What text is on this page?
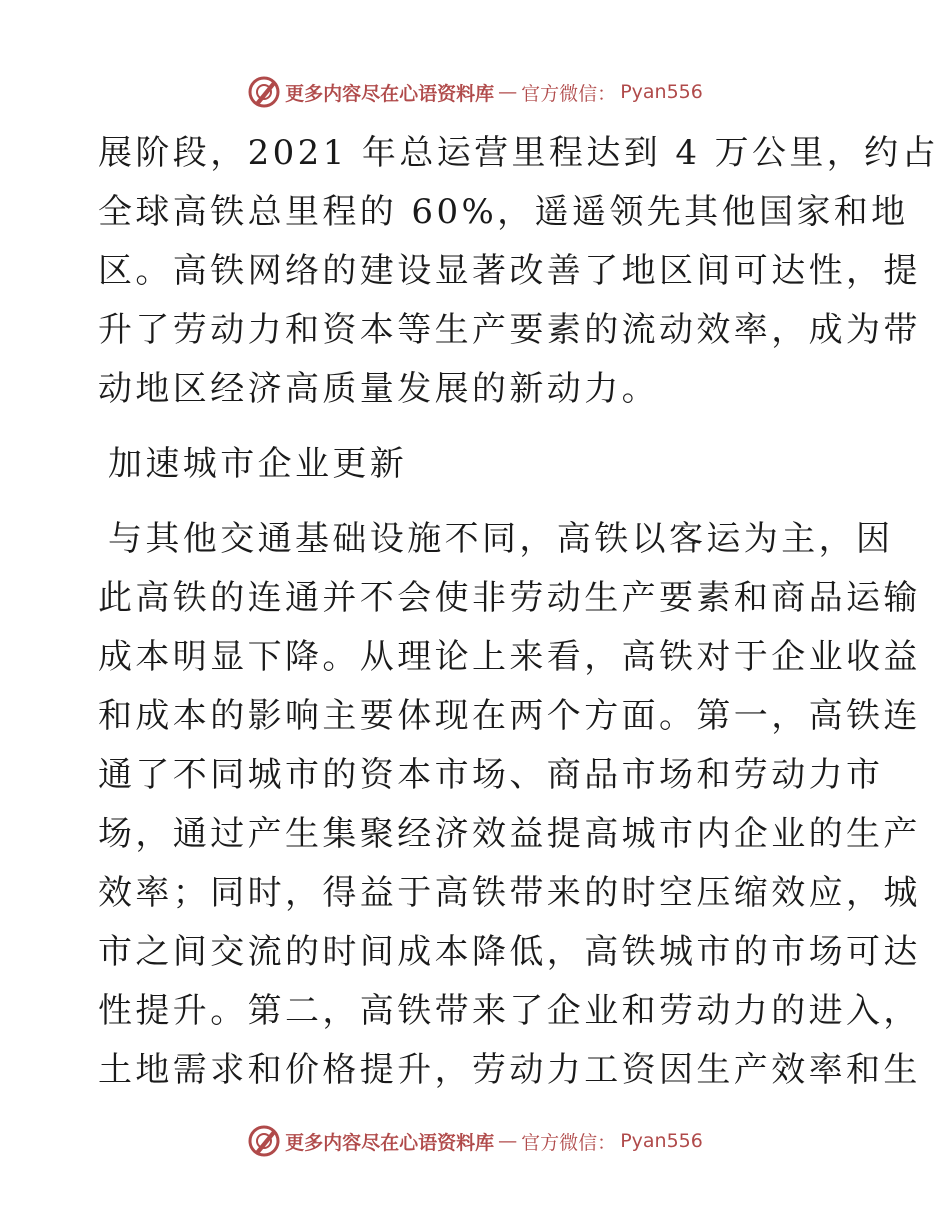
更多内容尽在心语资料库 — 官方微信： Pyan556
展阶段，2021 年总运营里程达到 4 万公里，约占
全球高铁总里程的 60%，遥遥领先其他国家和地
区。高铁网络的建设显著改善了地区间可达性，提
升了劳动力和资本等生产要素的流动效率，成为带
动地区经济高质量发展的新动力。
加速城市企业更新
与其他交通基础设施不同，高铁以客运为主，因
此高铁的连通并不会使非劳动生产要素和商品运输
成本明显下降。从理论上来看，高铁对于企业收益
和成本的影响主要体现在两个方面。第一，高铁连
通了不同城市的资本市场、商品市场和劳动力市
场，通过产生集聚经济效益提高城市内企业的生产
效率；同时，得益于高铁带来的时空压缩效应，城
市之间交流的时间成本降低，高铁城市的市场可达
性提升。第二，高铁带来了企业和劳动力的进入，
土地需求和价格提升，劳动力工资因生产效率和生
更多内容尽在心语资料库 — 官方微信： Pyan556
